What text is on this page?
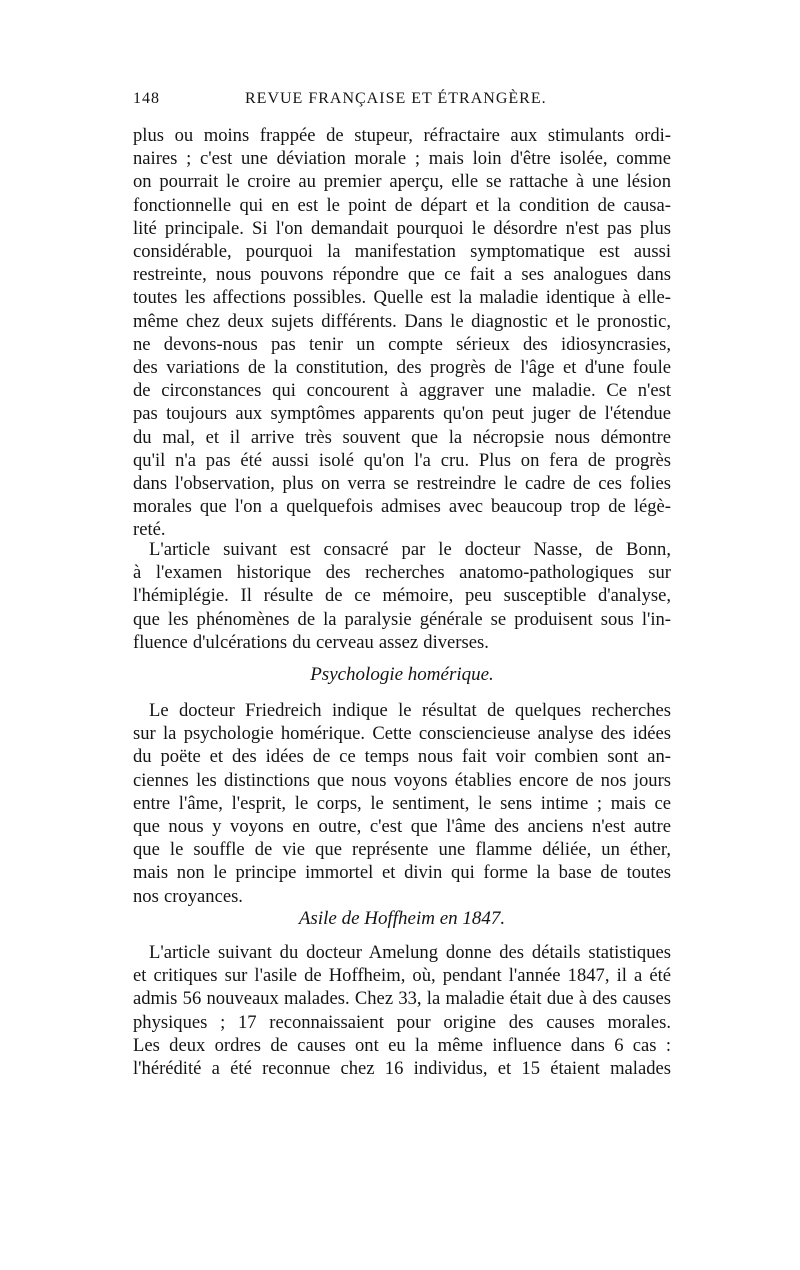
148	REVUE FRANÇAISE ET ÉTRANGÈRE.
plus ou moins frappée de stupeur, réfractaire aux stimulants ordi-
naires ; c'est une déviation morale ; mais loin d'être isolée, comme
on pourrait le croire au premier aperçu, elle se rattache à une lésion
fonctionnelle qui en est le point de départ et la condition de causa-
lité principale. Si l'on demandait pourquoi le désordre n'est pas plus
considérable, pourquoi la manifestation symptomatique est aussi
restreinte, nous pouvons répondre que ce fait a ses analogues dans
toutes les affections possibles. Quelle est la maladie identique à elle-
même chez deux sujets différents. Dans le diagnostic et le pronostic,
ne devons-nous pas tenir un compte sérieux des idiosyncrasies,
des variations de la constitution, des progrès de l'âge et d'une foule
de circonstances qui concourent à aggraver une maladie. Ce n'est
pas toujours aux symptômes apparents qu'on peut juger de l'étendue
du mal, et il arrive très souvent que la nécropsie nous démontre
qu'il n'a pas été aussi isolé qu'on l'a cru. Plus on fera de progrès
dans l'observation, plus on verra se restreindre le cadre de ces folies
morales que l'on a quelquefois admises avec beaucoup trop de légè-
reté.
L'article suivant est consacré par le docteur Nasse, de Bonn,
à l'examen historique des recherches anatomo-pathologiques sur
l'hémiplégie. Il résulte de ce mémoire, peu susceptible d'analyse,
que les phénomènes de la paralysie générale se produisent sous l'in-
fluence d'ulcérations du cerveau assez diverses.
Psychologie homérique.
Le docteur Friedreich indique le résultat de quelques recherches
sur la psychologie homérique. Cette consciencieuse analyse des idées
du poëte et des idées de ce temps nous fait voir combien sont an-
ciennes les distinctions que nous voyons établies encore de nos jours
entre l'âme, l'esprit, le corps, le sentiment, le sens intime ; mais ce
que nous y voyons en outre, c'est que l'âme des anciens n'est autre
que le souffle de vie que représente une flamme déliée, un éther,
mais non le principe immortel et divin qui forme la base de toutes
nos croyances.
Asile de Hoffheim en 1847.
L'article suivant du docteur Amelung donne des détails statistiques
et critiques sur l'asile de Hoffheim, où, pendant l'année 1847, il a été
admis 56 nouveaux malades. Chez 33, la maladie était due à des causes
physiques ; 17 reconnaissaient pour origine des causes morales.
Les deux ordres de causes ont eu la même influence dans 6 cas :
l'hérédité a été reconnue chez 16 individus, et 15 étaient malades
